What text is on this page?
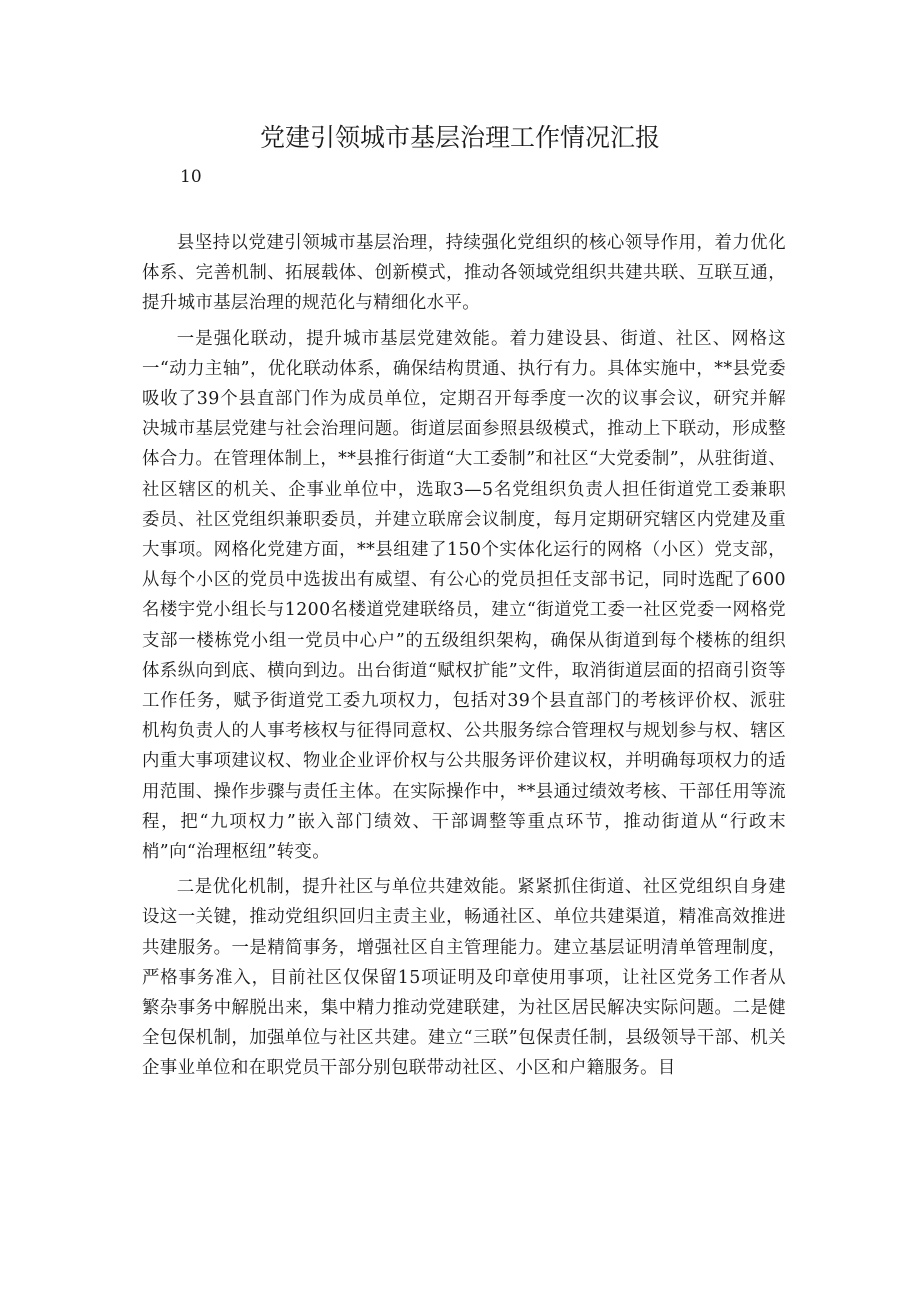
党建引领城市基层治理工作情况汇报
10

县坚持以党建引领城市基层治理，持续强化党组织的核心领导作用，着力优化体系、完善机制、拓展载体、创新模式，推动各领域党组织共建共联、互联互通，提升城市基层治理的规范化与精细化水平。

一是强化联动，提升城市基层党建效能。着力建设县、街道、社区、网格这一“动力主轴”，优化联动体系，确保结构贯通、执行有力。具体实施中，**县党委吸收了39个县直部门作为成员单位，定期召开每季度一次的议事会议，研究并解决城市基层党建与社会治理问题。街道层面参照县级模式，推动上下联动，形成整体合力。在管理体制上，**县推行街道“大工委制”和社区“大党委制”，从驻街道、社区辖区的机关、企事业单位中，选取3—5名党组织负责人担任街道党工委兼职委员、社区党组织兼职委员，并建立联席会议制度，每月定期研究辖区内党建及重大事项。网格化党建方面，**县组建了150个实体化运行的网格（小区）党支部，从每个小区的党员中选拔出有威望、有公心的党员担任支部书记，同时选配了600名楼宇党小组长与1200名楼道党建联络员，建立“街道党工委一社区党委一网格党支部一楼栋党小组一党员中心户”的五级组织架构，确保从街道到每个楼栋的组织体系纵向到底、横向到边。出台街道“赋权扩能”文件，取消街道层面的招商引资等工作任务，赋予街道党工委九项权力，包括对39个县直部门的考核评价权、派驻机构负责人的人事考核权与征得同意权、公共服务综合管理权与规划参与权、辖区内重大事项建议权、物业企业评价权与公共服务评价建议权，并明确每项权力的适用范围、操作步骤与责任主体。在实际操作中，**县通过绩效考核、干部任用等流程，把“九项权力”嵌入部门绩效、干部调整等重点环节，推动街道从“行政末梢”向“治理枢纽”转变。

二是优化机制，提升社区与单位共建效能。紧紧抓住街道、社区党组织自身建设这一关键，推动党组织回归主责主业，畅通社区、单位共建渠道，精准高效推进共建服务。一是精简事务，增强社区自主管理能力。建立基层证明清单管理制度，严格事务准入，目前社区仅保留15项证明及印章使用事项，让社区党务工作者从繁杂事务中解脱出来，集中精力推动党建联建，为社区居民解决实际问题。二是健全包保机制，加强单位与社区共建。建立“三联”包保责任制，县级领导干部、机关企事业单位和在职党员干部分别包联带动社区、小区和户籍服务。目
